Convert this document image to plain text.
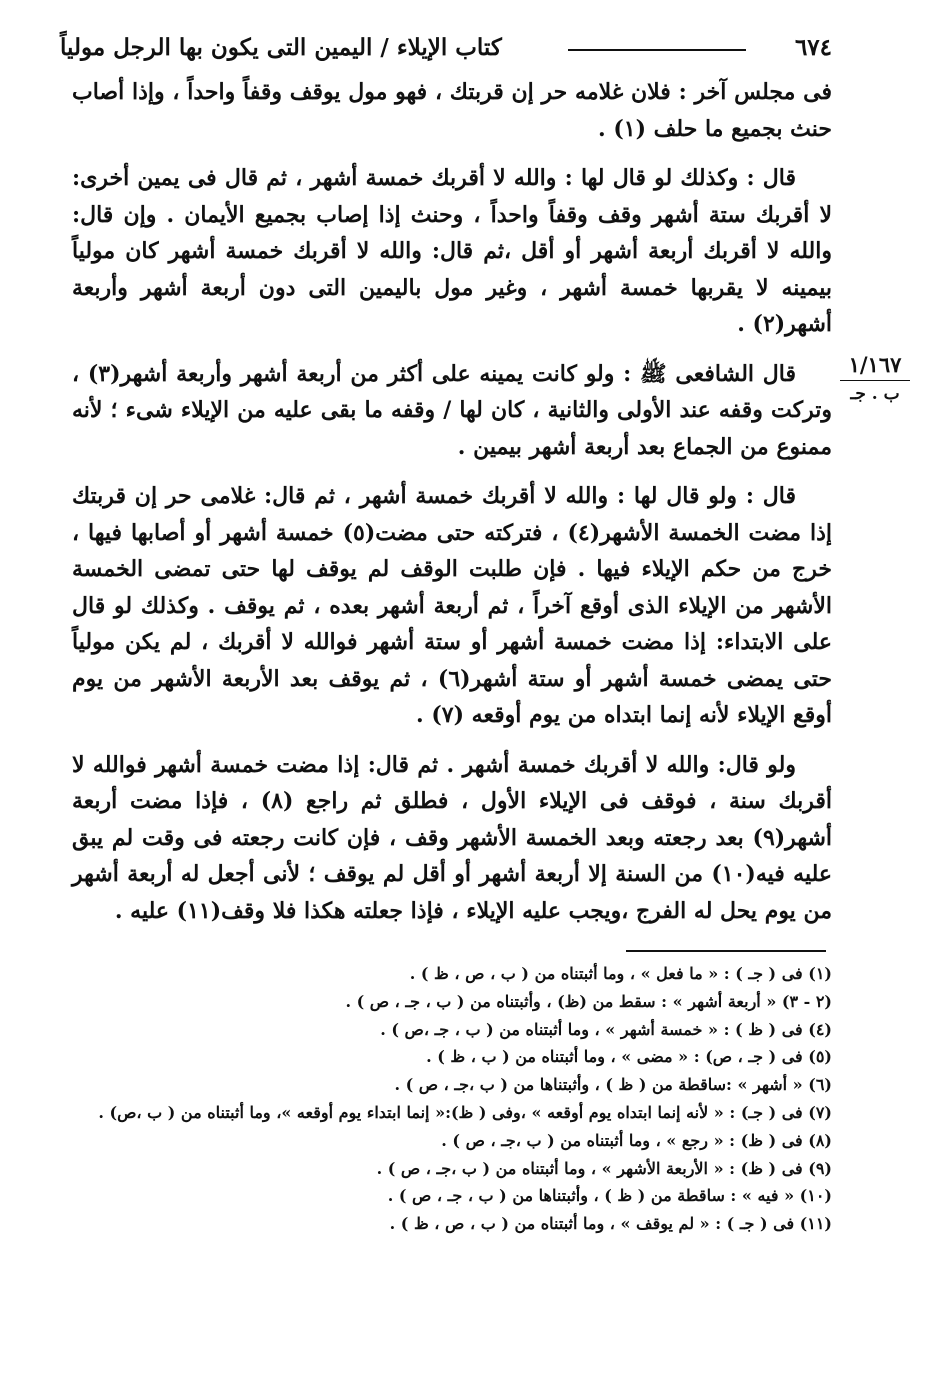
٦٧٤
كتاب الإيلاء / اليمين التى يكون بها الرجل مولياً

فى مجلس آخر : فلان غلامه حر إن قربتك ، فهو مول يوقف وقفاً واحداً ، وإذا أصاب حنث بجميع ما حلف (١) .

قال : وكذلك لو قال لها : والله لا أقربك خمسة أشهر ، ثم قال فى يمين أخرى: لا أقربك ستة أشهر وقف وقفاً واحداً ، وحنث إذا إصاب بجميع الأيمان . وإن قال: والله لا أقربك أربعة أشهر أو أقل ،ثم قال: والله لا أقربك خمسة أشهر كان مولياً بيمينه لا يقربها خمسة أشهر ، وغير مول باليمين التى دون أربعة أشهر وأربعة أشهر(٢) .

قال الشافعى ﷺ : ولو كانت يمينه على أكثر من أربعة أشهر وأربعة أشهر(٣) ، وتركت وقفه عند الأولى والثانية ، كان لها / وقفه ما بقى عليه من الإيلاء شىء ؛ لأنه ممنوع من الجماع بعد أربعة أشهر بيمين .

قال : ولو قال لها : والله لا أقربك خمسة أشهر ، ثم قال: غلامى حر إن قربتك إذا مضت الخمسة الأشهر(٤) ، فتركته حتى مضت(٥) خمسة أشهر أو أصابها فيها ، خرج من حكم الإيلاء فيها . فإن طلبت الوقف لم يوقف لها حتى تمضى الخمسة الأشهر من الإيلاء الذى أوقع آخراً ، ثم أربعة أشهر بعده ، ثم يوقف . وكذلك لو قال على الابتداء: إذا مضت خمسة أشهر أو ستة أشهر فوالله لا أقربك ، لم يكن مولياً حتى يمضى خمسة أشهر أو ستة أشهر(٦) ، ثم يوقف بعد الأربعة الأشهر من يوم أوقع الإيلاء لأنه إنما ابتداه من يوم أوقعه (٧) .

ولو قال: والله لا أقربك خمسة أشهر . ثم قال: إذا مضت خمسة أشهر فوالله لا أقربك سنة ، فوقف فى الإيلاء الأول ، فطلق ثم راجع (٨) ، فإذا مضت أربعة أشهر(٩) بعد رجعته وبعد الخمسة الأشهر وقف ، فإن كانت رجعته فى وقت لم يبق عليه فيه(١٠) من السنة إلا أربعة أشهر أو أقل لم يوقف ؛ لأنى أجعل له أربعة أشهر من يوم يحل له الفرج ،ويجب عليه الإيلاء ، فإذا جعلته هكذا فلا وقف(١١) عليه .

١/١٦٧
ب . جـ
(١) فى ( جـ ) : « ما فعل » ، وما أثبتناه من ( ب ، ص ، ظ ) .
(٢ - ٣) « أربعة أشهر » : سقط من (ظ) ، وأثبتناه من ( ب ، جـ ، ص ) .
(٤) فى ( ظ ) : « خمسة أشهر » ، وما أثبتناه من ( ب ، جـ ،ص ) .
(٥) فى ( جـ ، ص) : « مضى » ، وما أثبتناه من ( ب ، ظ ) .
(٦) « أشهر » :ساقطة من ( ظ ) ، وأثبتناها من ( ب ،جـ ، ص ) .
(٧) فى ( جـ) : « لأنه إنما ابتداه يوم أوقعه » ،وفى ( ظ):« إنما ابتداء يوم أوقعه »، وما أثبتناه من ( ب ،ص) .
(٨) فى ( ظ) : « رجع » ، وما أثبتناه من ( ب ،جـ ، ص ) .
(٩) فى ( ظ) : « الأربعة الأشهر » ، وما أثبتناه من ( ب ،جـ ، ص ) .
(١٠) « فيه » : ساقطة من ( ظ ) ، وأثبتناها من ( ب ، جـ ، ص ) .
(١١) فى ( جـ ) : « لم يوقف » ، وما أثبتناه من ( ب ، ص ، ظ ) .
